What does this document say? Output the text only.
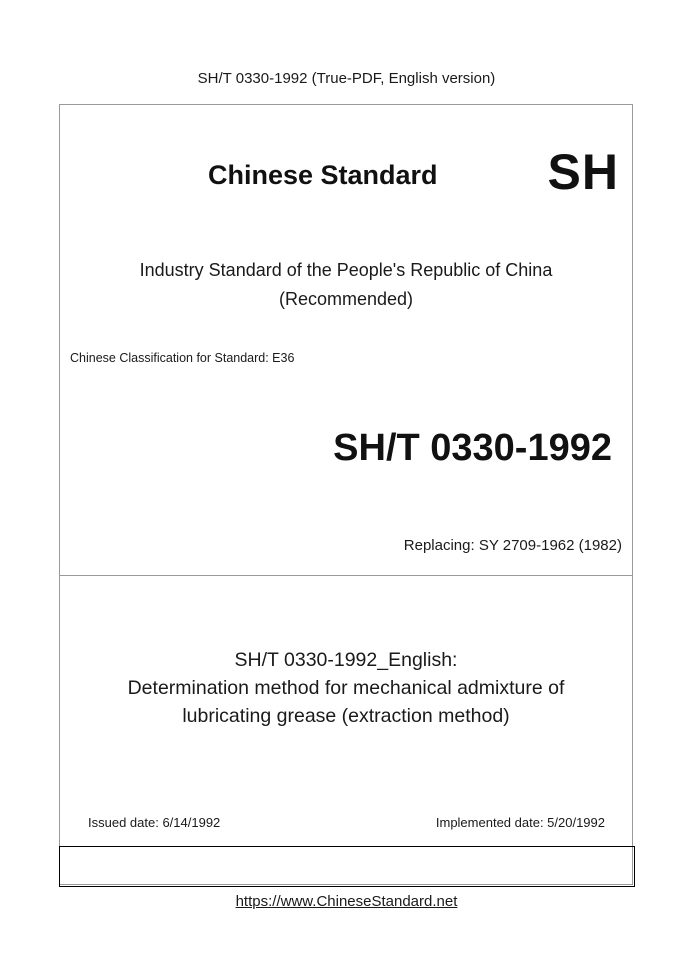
SH/T 0330-1992 (True-PDF, English version)
Chinese Standard SH
Industry Standard of the People's Republic of China
(Recommended)
Chinese Classification for Standard: E36
SH/T 0330-1992
Replacing: SY 2709-1962 (1982)
SH/T 0330-1992_English:
Determination method for mechanical admixture of
lubricating grease (extraction method)
Issued date: 6/14/1992	Implemented date: 5/20/1992
https://www.ChineseStandard.net
